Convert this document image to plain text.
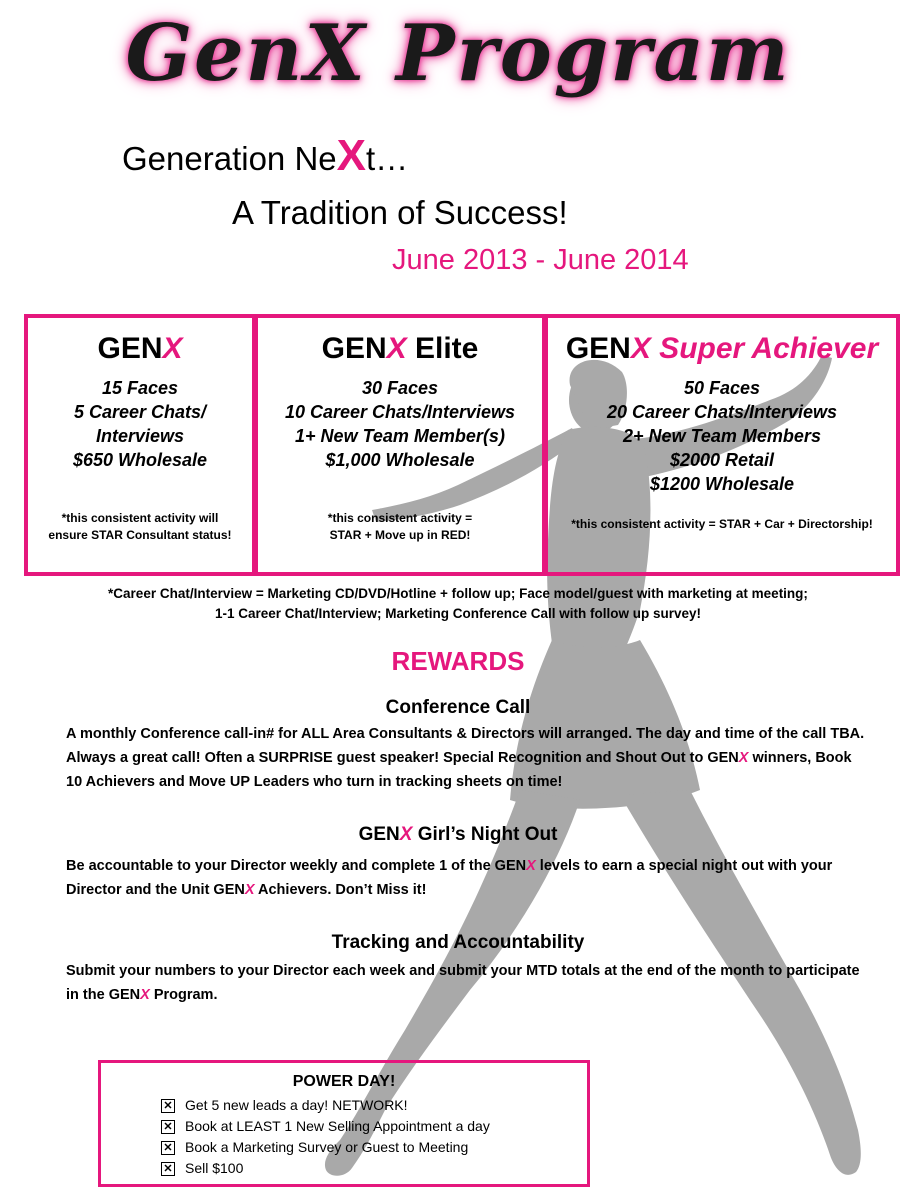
GenX Program
Generation NeXt…
A Tradition of Success!
June 2013 - June 2014
GENX
15 Faces
5 Career Chats/
Interviews
$650 Wholesale
*this consistent activity will
ensure STAR Consultant status!
GENX Elite
30 Faces
10 Career Chats/Interviews
1+ New Team Member(s)
$1,000 Wholesale
*this consistent activity =
STAR + Move up in RED!
GENX Super Achiever
50 Faces
20 Career Chats/Interviews
2+ New Team Members
$2000 Retail
$1200 Wholesale
*this consistent activity = STAR + Car + Directorship!
*Career Chat/Interview = Marketing CD/DVD/Hotline + follow up; Face model/guest with marketing at meeting;
1-1 Career Chat/Interview; Marketing Conference Call with follow up survey!
REWARDS
Conference Call
A monthly Conference call-in# for ALL Area Consultants & Directors will arranged. The day and time of the call TBA. Always a great call! Often a SURPRISE guest speaker! Special Recognition and Shout Out to GENX winners, Book 10 Achievers and Move UP Leaders who turn in tracking sheets on time!
GENX Girl’s Night Out
Be accountable to your Director weekly and complete 1 of the GENX levels to earn a special night out with your Director and the Unit GENX Achievers. Don’t Miss it!
Tracking and Accountability
Submit your numbers to your Director each week and submit your MTD totals at the end of the month to participate in the GENX Program.
POWER DAY!
✕ Get 5 new leads a day! NETWORK!
✕ Book at LEAST 1 New Selling Appointment a day
✕ Book a Marketing Survey or Guest to Meeting
✕ Sell $100
